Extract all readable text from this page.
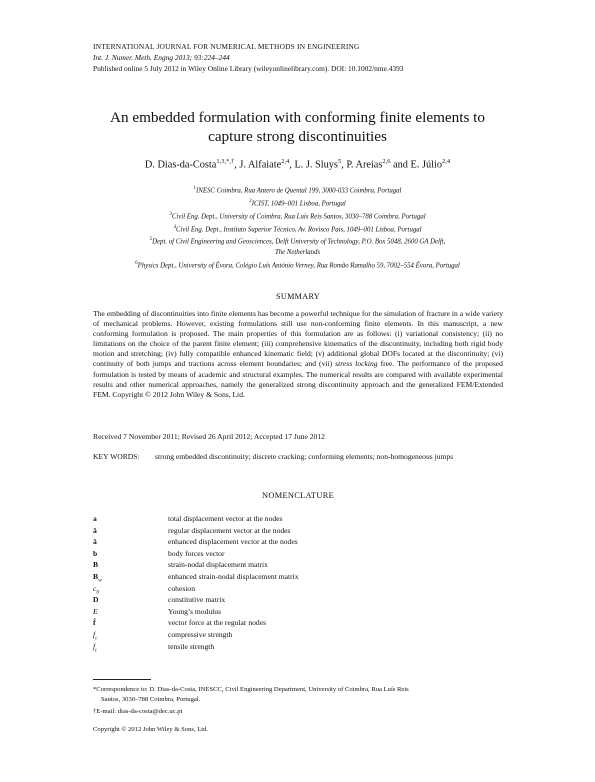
INTERNATIONAL JOURNAL FOR NUMERICAL METHODS IN ENGINEERING
Int. J. Numer. Meth. Engng 2013; 93:224–244
Published online 5 July 2012 in Wiley Online Library (wileyonlinelibrary.com). DOI: 10.1002/nme.4393
An embedded formulation with conforming finite elements to
capture strong discontinuities
D. Dias-da-Costa$^{1,3,*,\dagger}$, J. Alfaiate$^{2,4}$, L. J. Sluys$^5$, P. Areias$^{2,6}$ and E. Júlio$^{2,4}$
$^1$INESC Coimbra, Rua Antero de Quental 199, 3000-033 Coimbra, Portugal
$^2$ICIST, 1049–001 Lisboa, Portugal
$^3$Civil Eng. Dept., University of Coimbra, Rua Luís Reis Santos, 3030–788 Coimbra, Portugal
$^4$Civil Eng. Dept., Instituto Superior Técnico, Av. Rovisco Pais, 1049–001 Lisboa, Portugal
$^5$Dept. of Civil Engineering and Geosciences, Delft University of Technology, P.O. Box 5048, 2600 GA Delft,
The Netherlands
$^6$Physics Dept., University of Évora, Colégio Luís António Verney, Rua Romão Ramalho 59, 7002–554 Évora, Portugal
SUMMARY
The embedding of discontinuities into finite elements has become a powerful technique for the simulation of fracture in a wide variety of mechanical problems. However, existing formulations still use non-conforming finite elements. In this manuscript, a new conforming formulation is proposed. The main properties of this formulation are as follows: (i) variational consistency; (ii) no limitations on the choice of the parent finite element; (iii) comprehensive kinematics of the discontinuity, including both rigid body motion and stretching; (iv) fully compatible enhanced kinematic field; (v) additional global DOFs located at the discontinuity; (vi) continuity of both jumps and tractions across element boundaries; and (vii) stress locking free. The performance of the proposed formulation is tested by means of academic and structural examples. The numerical results are compared with available experimental results and other numerical approaches, namely the generalized strong discontinuity approach and the generalized FEM/Extended FEM. Copyright © 2012 John Wiley & Sons, Ltd.
Received 7 November 2011; Revised 26 April 2012; Accepted 17 June 2012
KEY WORDS:	strong embedded discontinuity; discrete cracking; conforming elements; non-homogeneous jumps
NOMENCLATURE
a	total displacement vector at the nodes
â	regular displacement vector at the nodes
ã	enhanced displacement vector at the nodes
b	body forces vector
B	strain-nodal displacement matrix
$B_w$	enhanced strain-nodal displacement matrix
$c_0$	cohesion
D	constitutive matrix
E	Young’s modulus
f̂	vector force at the regular nodes
$f_c$	compressive strength
$f_t$	tensile strength
*Correspondence to: D. Dias-da-Costa, INESCC, Civil Engineering Department, University of Coimbra, Rua Luís Reis
Santos, 3030–788 Coimbra, Portugal.
†E-mail: dias-da-costa@dec.uc.pt
Copyright © 2012 John Wiley & Sons, Ltd.
